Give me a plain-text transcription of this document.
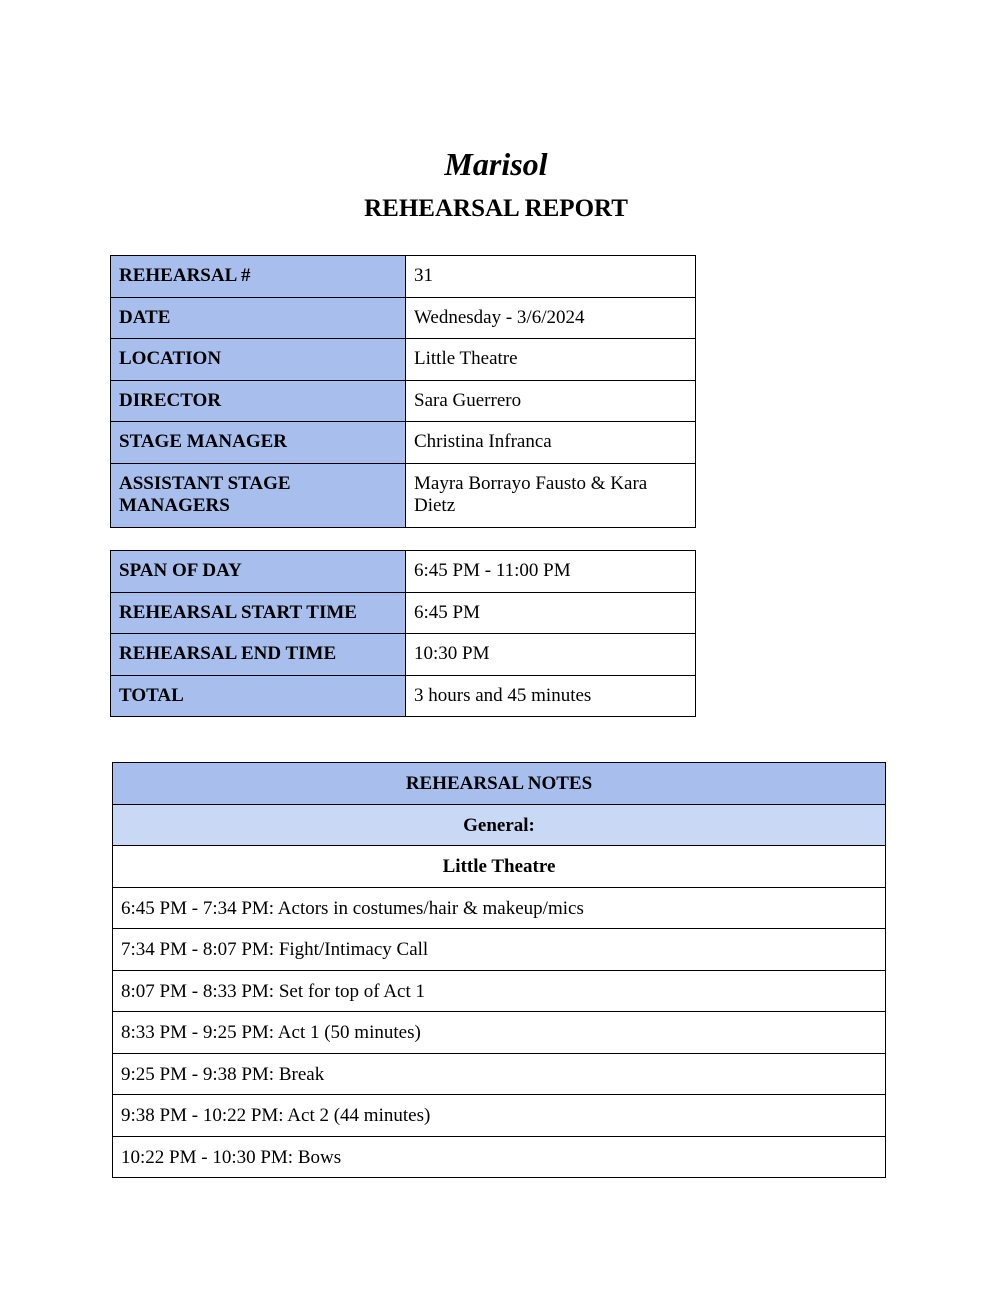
Marisol
REHEARSAL REPORT
REHEARSAL #	31
DATE	Wednesday - 3/6/2024
LOCATION	Little Theatre
DIRECTOR	Sara Guerrero
STAGE MANAGER	Christina Infranca
ASSISTANT STAGE MANAGERS	Mayra Borrayo Fausto & Kara Dietz
SPAN OF DAY	6:45 PM - 11:00 PM
REHEARSAL START TIME	6:45 PM
REHEARSAL END TIME	10:30 PM
TOTAL	3 hours and 45 minutes
REHEARSAL NOTES
General:
Little Theatre
6:45 PM - 7:34 PM: Actors in costumes/hair & makeup/mics
7:34 PM - 8:07 PM: Fight/Intimacy Call
8:07 PM - 8:33 PM: Set for top of Act 1
8:33 PM - 9:25 PM: Act 1 (50 minutes)
9:25 PM - 9:38 PM: Break
9:38 PM - 10:22 PM: Act 2 (44 minutes)
10:22 PM - 10:30 PM: Bows
